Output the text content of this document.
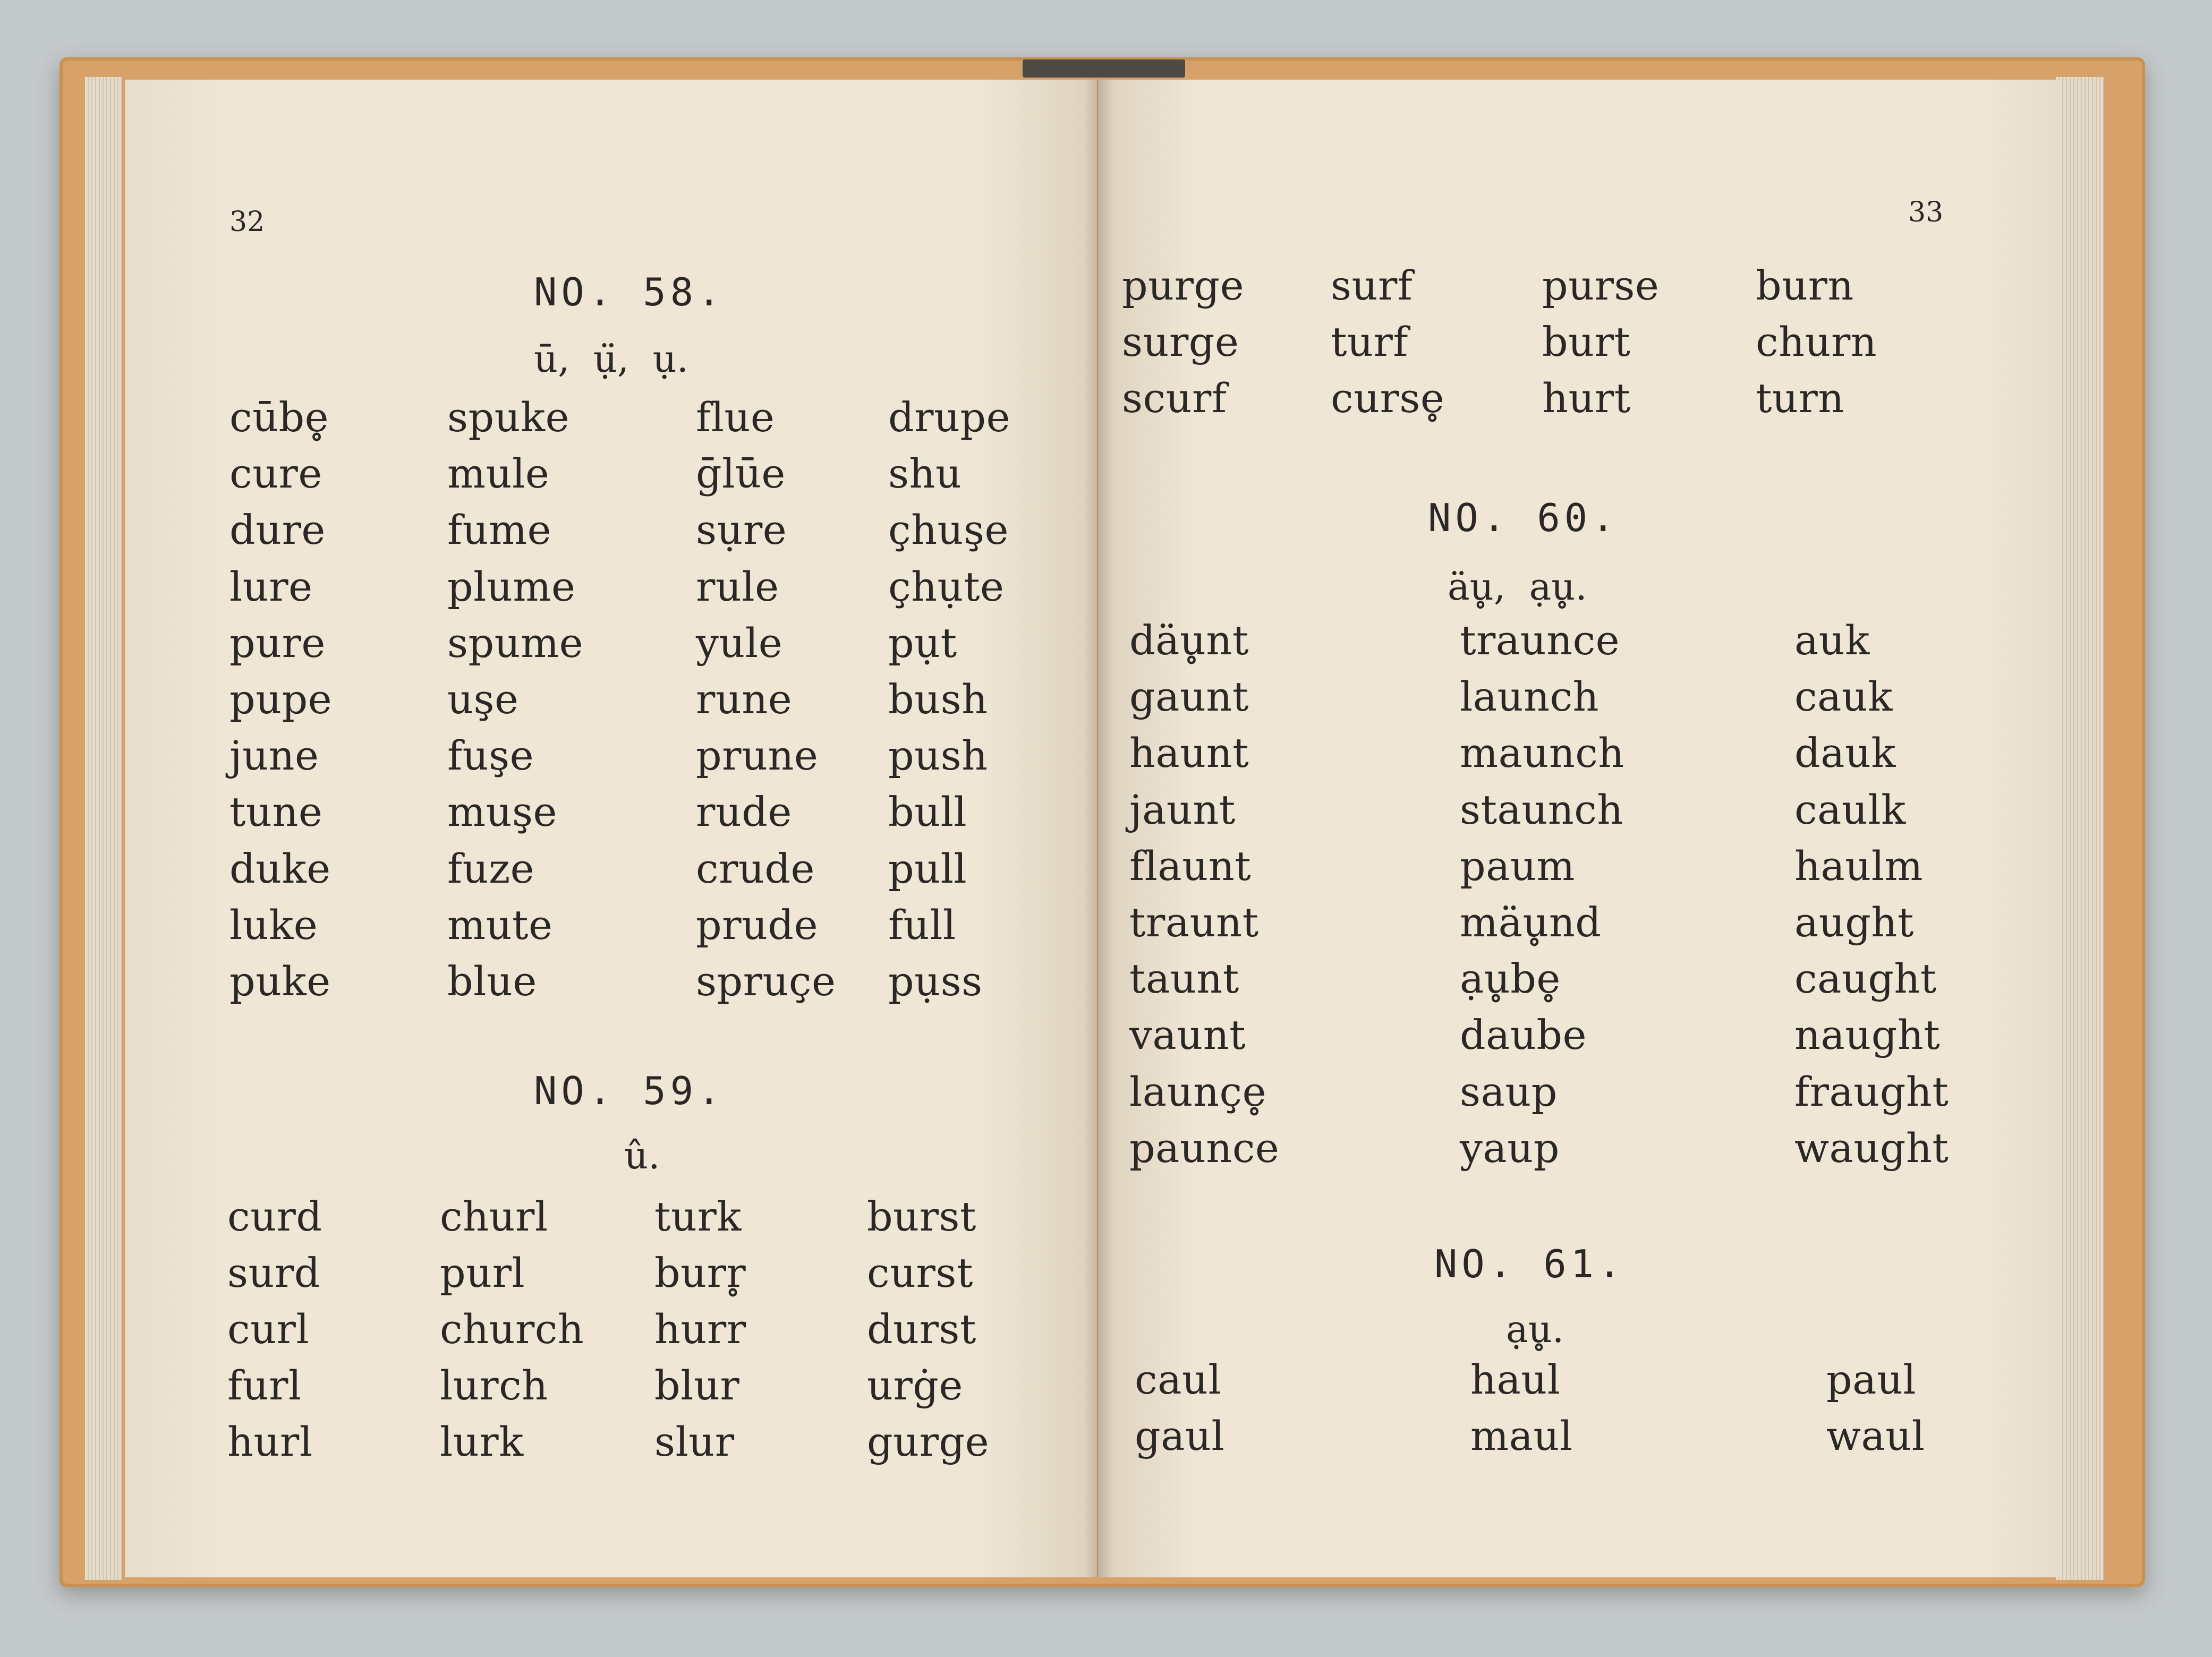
32
NO. 58.
ū,  ụ̈,  ụ.
cūbe̥
cure
dure
lure
pure
pupe
june
tune
duke
luke
puke
spuke
mule
fume
plume
spume
uşe
fuşe
muşe
fuze
mute
blue
flue
ḡlūe
sụre
rule
yule
rune
prune
rude
crude
prude
spruçe
drupe
shu
çhuşe
çhụte
pụt
bush
push
bull
pull
full
pụss
NO. 59.
û.
curd
surd
curl
furl
hurl
churl
purl
church
lurch
lurk
turk
burr̥
hurr
blur
slur
burst
curst
durst
urġe
gurge
33
purge
surge
scurf
surf
turf
curse̥
purse
burt
hurt
burn
churn
turn
NO. 60.
äu̥,  ạu̥.
däu̥nt
gaunt
haunt
jaunt
flaunt
traunt
taunt
vaunt
launçe̥
paunce
traunce
launch
maunch
staunch
paum
mäu̥nd
ạu̥be̥
daube
saup
yaup
auk
cauk
dauk
caulk
haulm
aught
caught
naught
fraught
waught
NO. 61.
ạu̥.
caul
gaul
haul
maul
paul
waul
